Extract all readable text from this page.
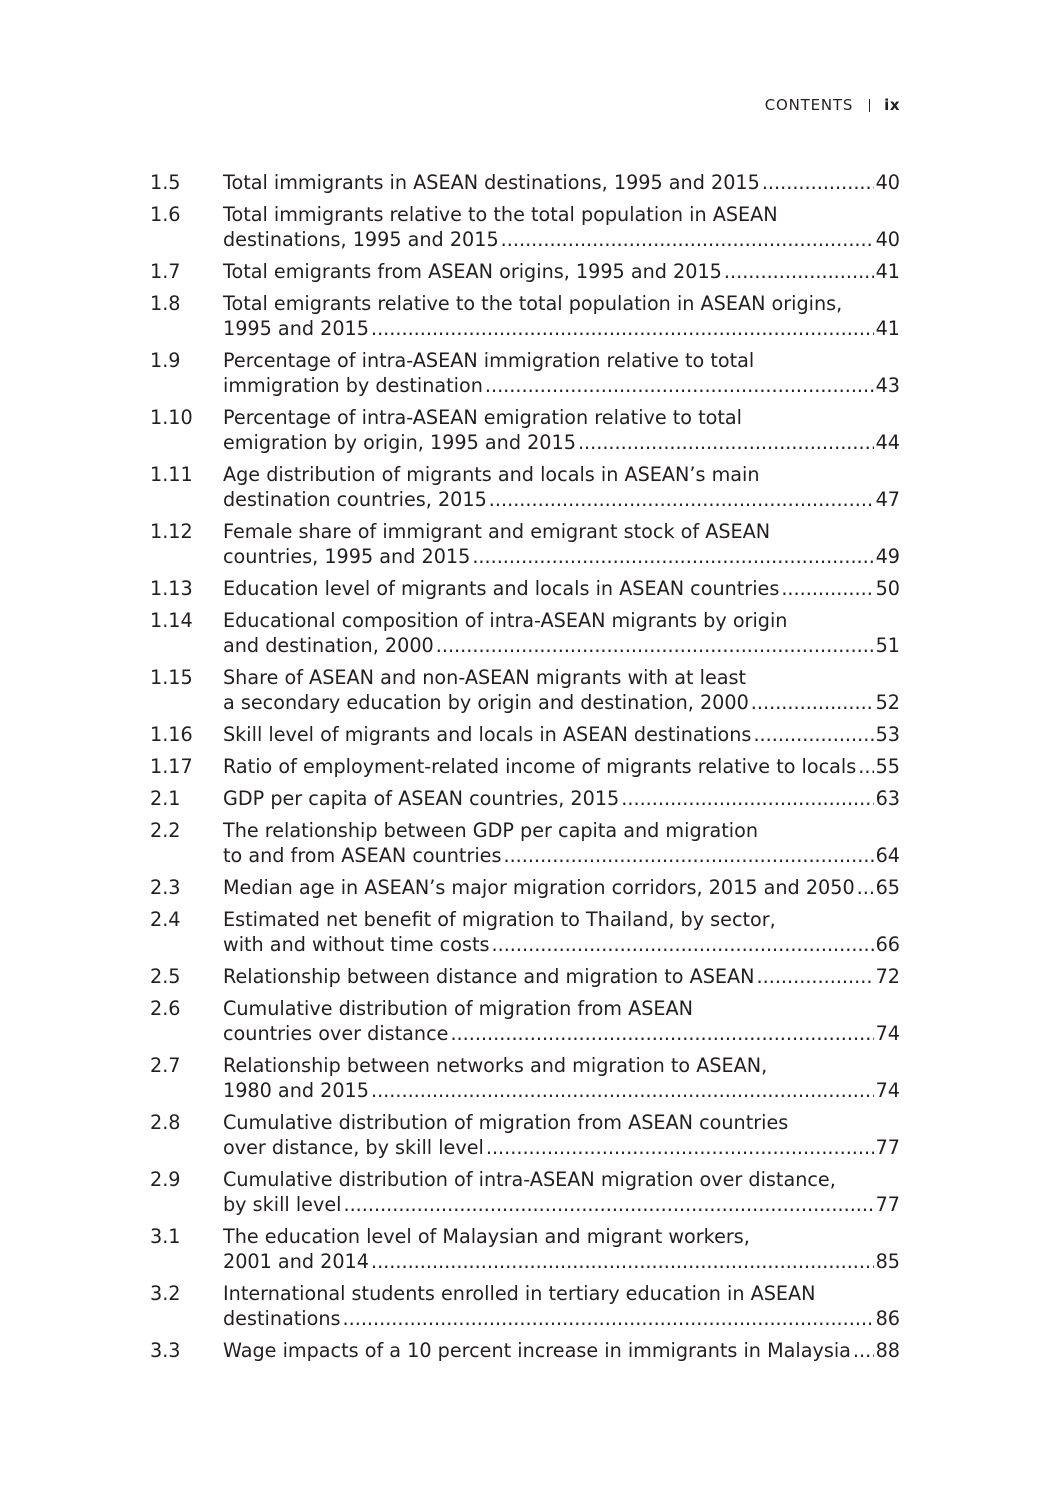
CONTENTS ix
1.5	Total immigrants in ASEAN destinations, 1995 and 2015 .....	40
1.6	Total immigrants relative to the total population in ASEAN
destinations, 1995 and 2015 .....	40
1.7	Total emigrants from ASEAN origins, 1995 and 2015 .....	41
1.8	Total emigrants relative to the total population in ASEAN origins,
1995 and 2015 .....	41
1.9	Percentage of intra-ASEAN immigration relative to total
immigration by destination .....	43
1.10	Percentage of intra-ASEAN emigration relative to total
emigration by origin, 1995 and 2015 .....	44
1.11	Age distribution of migrants and locals in ASEAN’s main
destination countries, 2015 .....	47
1.12	Female share of immigrant and emigrant stock of ASEAN
countries, 1995 and 2015 .....	49
1.13	Education level of migrants and locals in ASEAN countries .....	50
1.14	Educational composition of intra-ASEAN migrants by origin
and destination, 2000 .....	51
1.15	Share of ASEAN and non-ASEAN migrants with at least
a secondary education by origin and destination, 2000 .....	52
1.16	Skill level of migrants and locals in ASEAN destinations .....	53
1.17	Ratio of employment-related income of migrants relative to locals ..... 55
2.1	GDP per capita of ASEAN countries, 2015 .....	63
2.2	The relationship between GDP per capita and migration
to and from ASEAN countries .....	64
2.3	Median age in ASEAN’s major migration corridors, 2015 and 2050 ..... 65
2.4	Estimated net benefit of migration to Thailand, by sector,
with and without time costs .....	66
2.5	Relationship between distance and migration to ASEAN .....	72
2.6	Cumulative distribution of migration from ASEAN
countries over distance .....	74
2.7	Relationship between networks and migration to ASEAN,
1980 and 2015 .....	74
2.8	Cumulative distribution of migration from ASEAN countries
over distance, by skill level .....	77
2.9	Cumulative distribution of intra-ASEAN migration over distance,
by skill level .....	77
3.1	The education level of Malaysian and migrant workers,
2001 and 2014 .....	85
3.2	International students enrolled in tertiary education in ASEAN
destinations .....	86
3.3	Wage impacts of a 10 percent increase in immigrants in Malaysia ..... 88
